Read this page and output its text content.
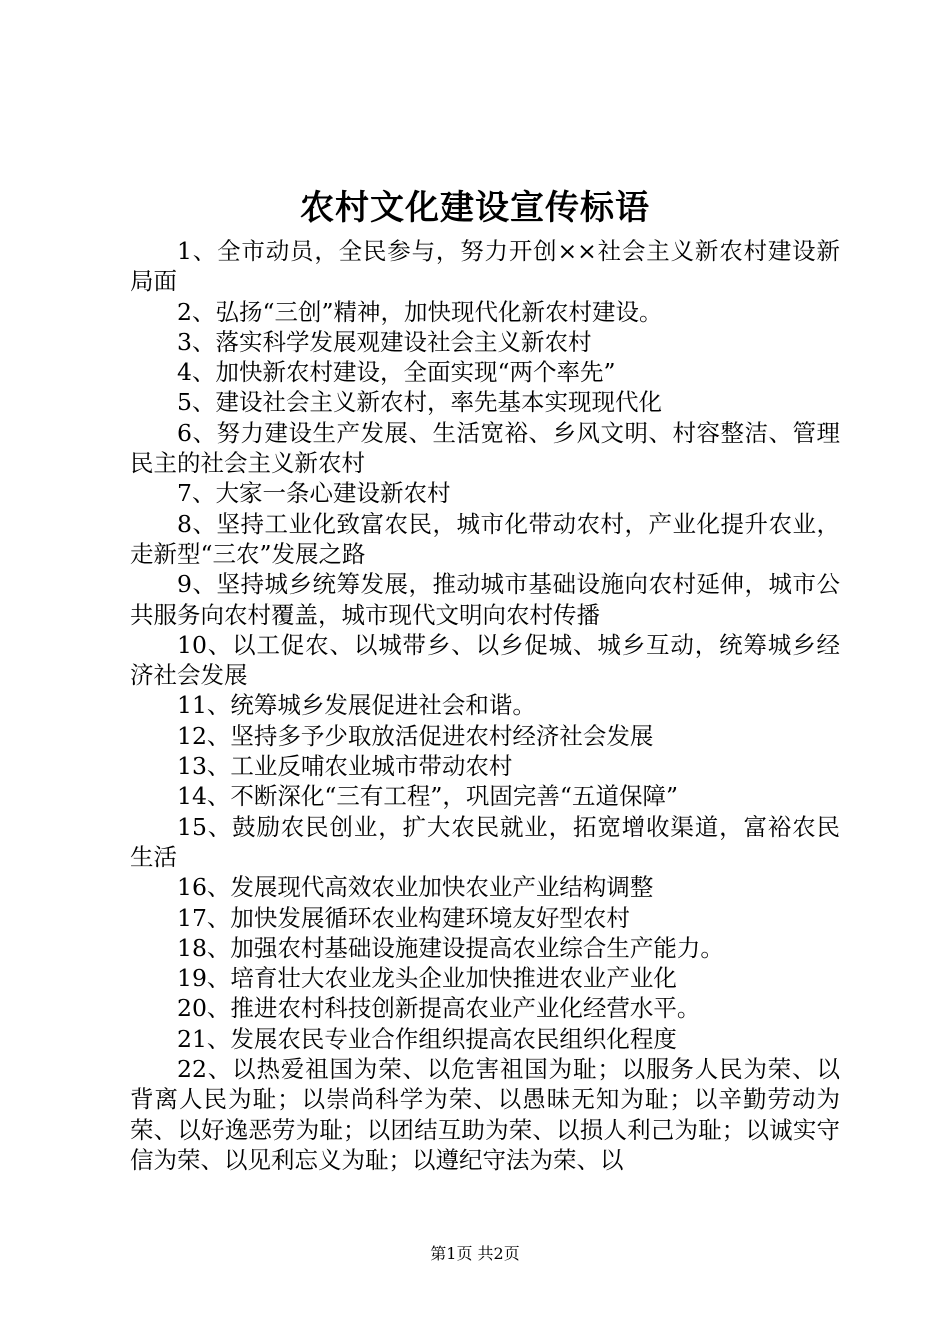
农村文化建设宣传标语

1、全市动员，全民参与，努力开创××社会主义新农村建设新局面

2、弘扬“三创”精神，加快现代化新农村建设。

3、落实科学发展观建设社会主义新农村

4、加快新农村建设，全面实现“两个率先”

5、建设社会主义新农村，率先基本实现现代化

6、努力建设生产发展、生活宽裕、乡风文明、村容整洁、管理民主的社会主义新农村

7、大家一条心建设新农村

8、坚持工业化致富农民，城市化带动农村，产业化提升农业，走新型“三农”发展之路

9、坚持城乡统筹发展，推动城市基础设施向农村延伸，城市公共服务向农村覆盖，城市现代文明向农村传播

10、以工促农、以城带乡、以乡促城、城乡互动，统筹城乡经济社会发展

11、统筹城乡发展促进社会和谐。

12、坚持多予少取放活促进农村经济社会发展

13、工业反哺农业城市带动农村

14、不断深化“三有工程”，巩固完善“五道保障”

15、鼓励农民创业，扩大农民就业，拓宽增收渠道，富裕农民生活

16、发展现代高效农业加快农业产业结构调整

17、加快发展循环农业构建环境友好型农村

18、加强农村基础设施建设提高农业综合生产能力。

19、培育壮大农业龙头企业加快推进农业产业化

20、推进农村科技创新提高农业产业化经营水平。

21、发展农民专业合作组织提高农民组织化程度

22、以热爱祖国为荣、以危害祖国为耻；以服务人民为荣、以背离人民为耻；以崇尚科学为荣、以愚昧无知为耻；以辛勤劳动为荣、以好逸恶劳为耻；以团结互助为荣、以损人利己为耻；以诚实守信为荣、以见利忘义为耻；以遵纪守法为荣、以

第1页 共2页
